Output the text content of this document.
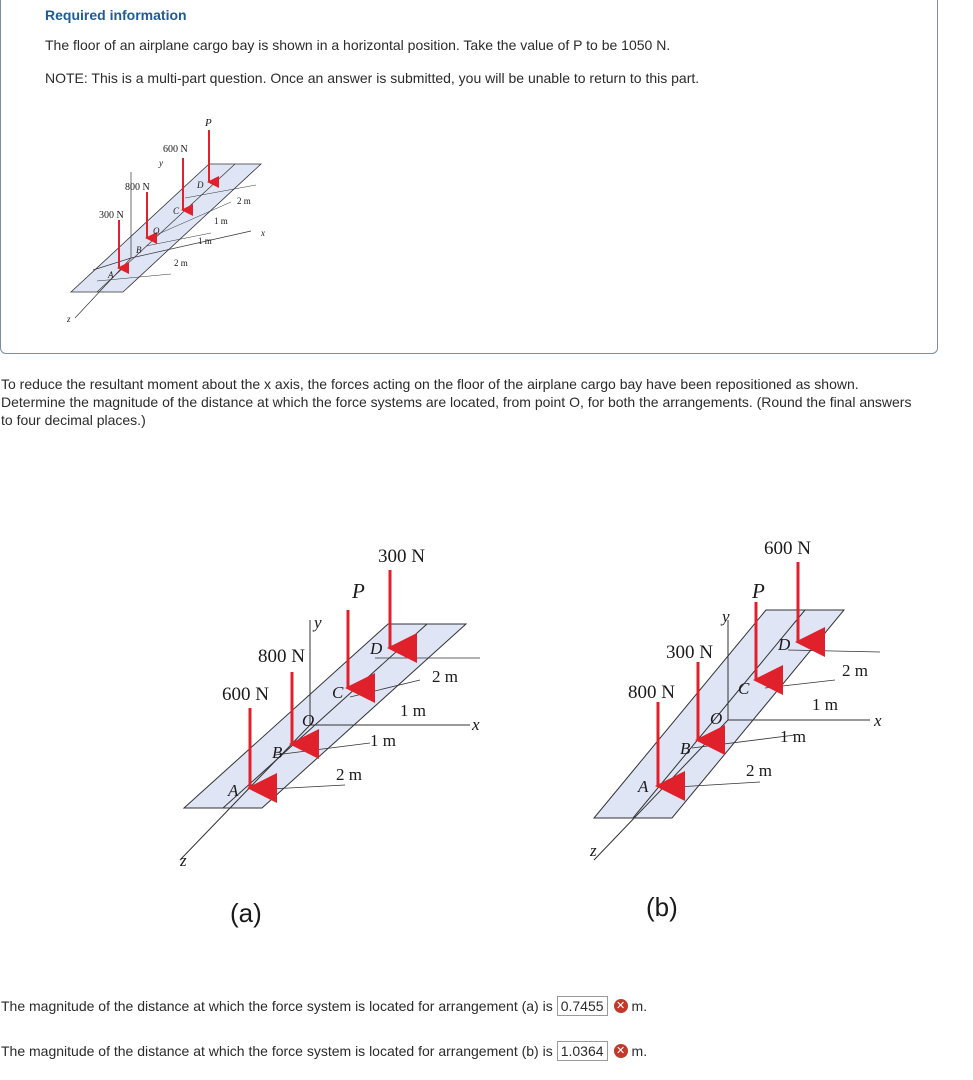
Required information
The floor of an airplane cargo bay is shown in a horizontal position. Take the value of P to be 1050 N.
NOTE: This is a multi-part question. Once an answer is submitted, you will be unable to return to this part.
600 N
800 N
300 N
P
y
x
z
A
B
C
D
O
2 m
1 m
1 m
2 m
To reduce the resultant moment about the x axis, the forces acting on the floor of the airplane cargo bay have been repositioned as shown. Determine the magnitude of the distance at which the force systems are located, from point O, for both the arrangements. (Round the final answers to four decimal places.)
300 N
P
800 N
600 N
y
x
z
A
B
C
D
O
2 m
1 m
1 m
2 m
(a)
600 N
P
300 N
800 N
y
x
z
A
B
C
D
O
2 m
1 m
1 m
2 m
(b)
The magnitude of the distance at which the force system is located for arrangement (a) is 0.7455	✕ m.
The magnitude of the distance at which the force system is located for arrangement (b) is 1.0364	✕ m.
